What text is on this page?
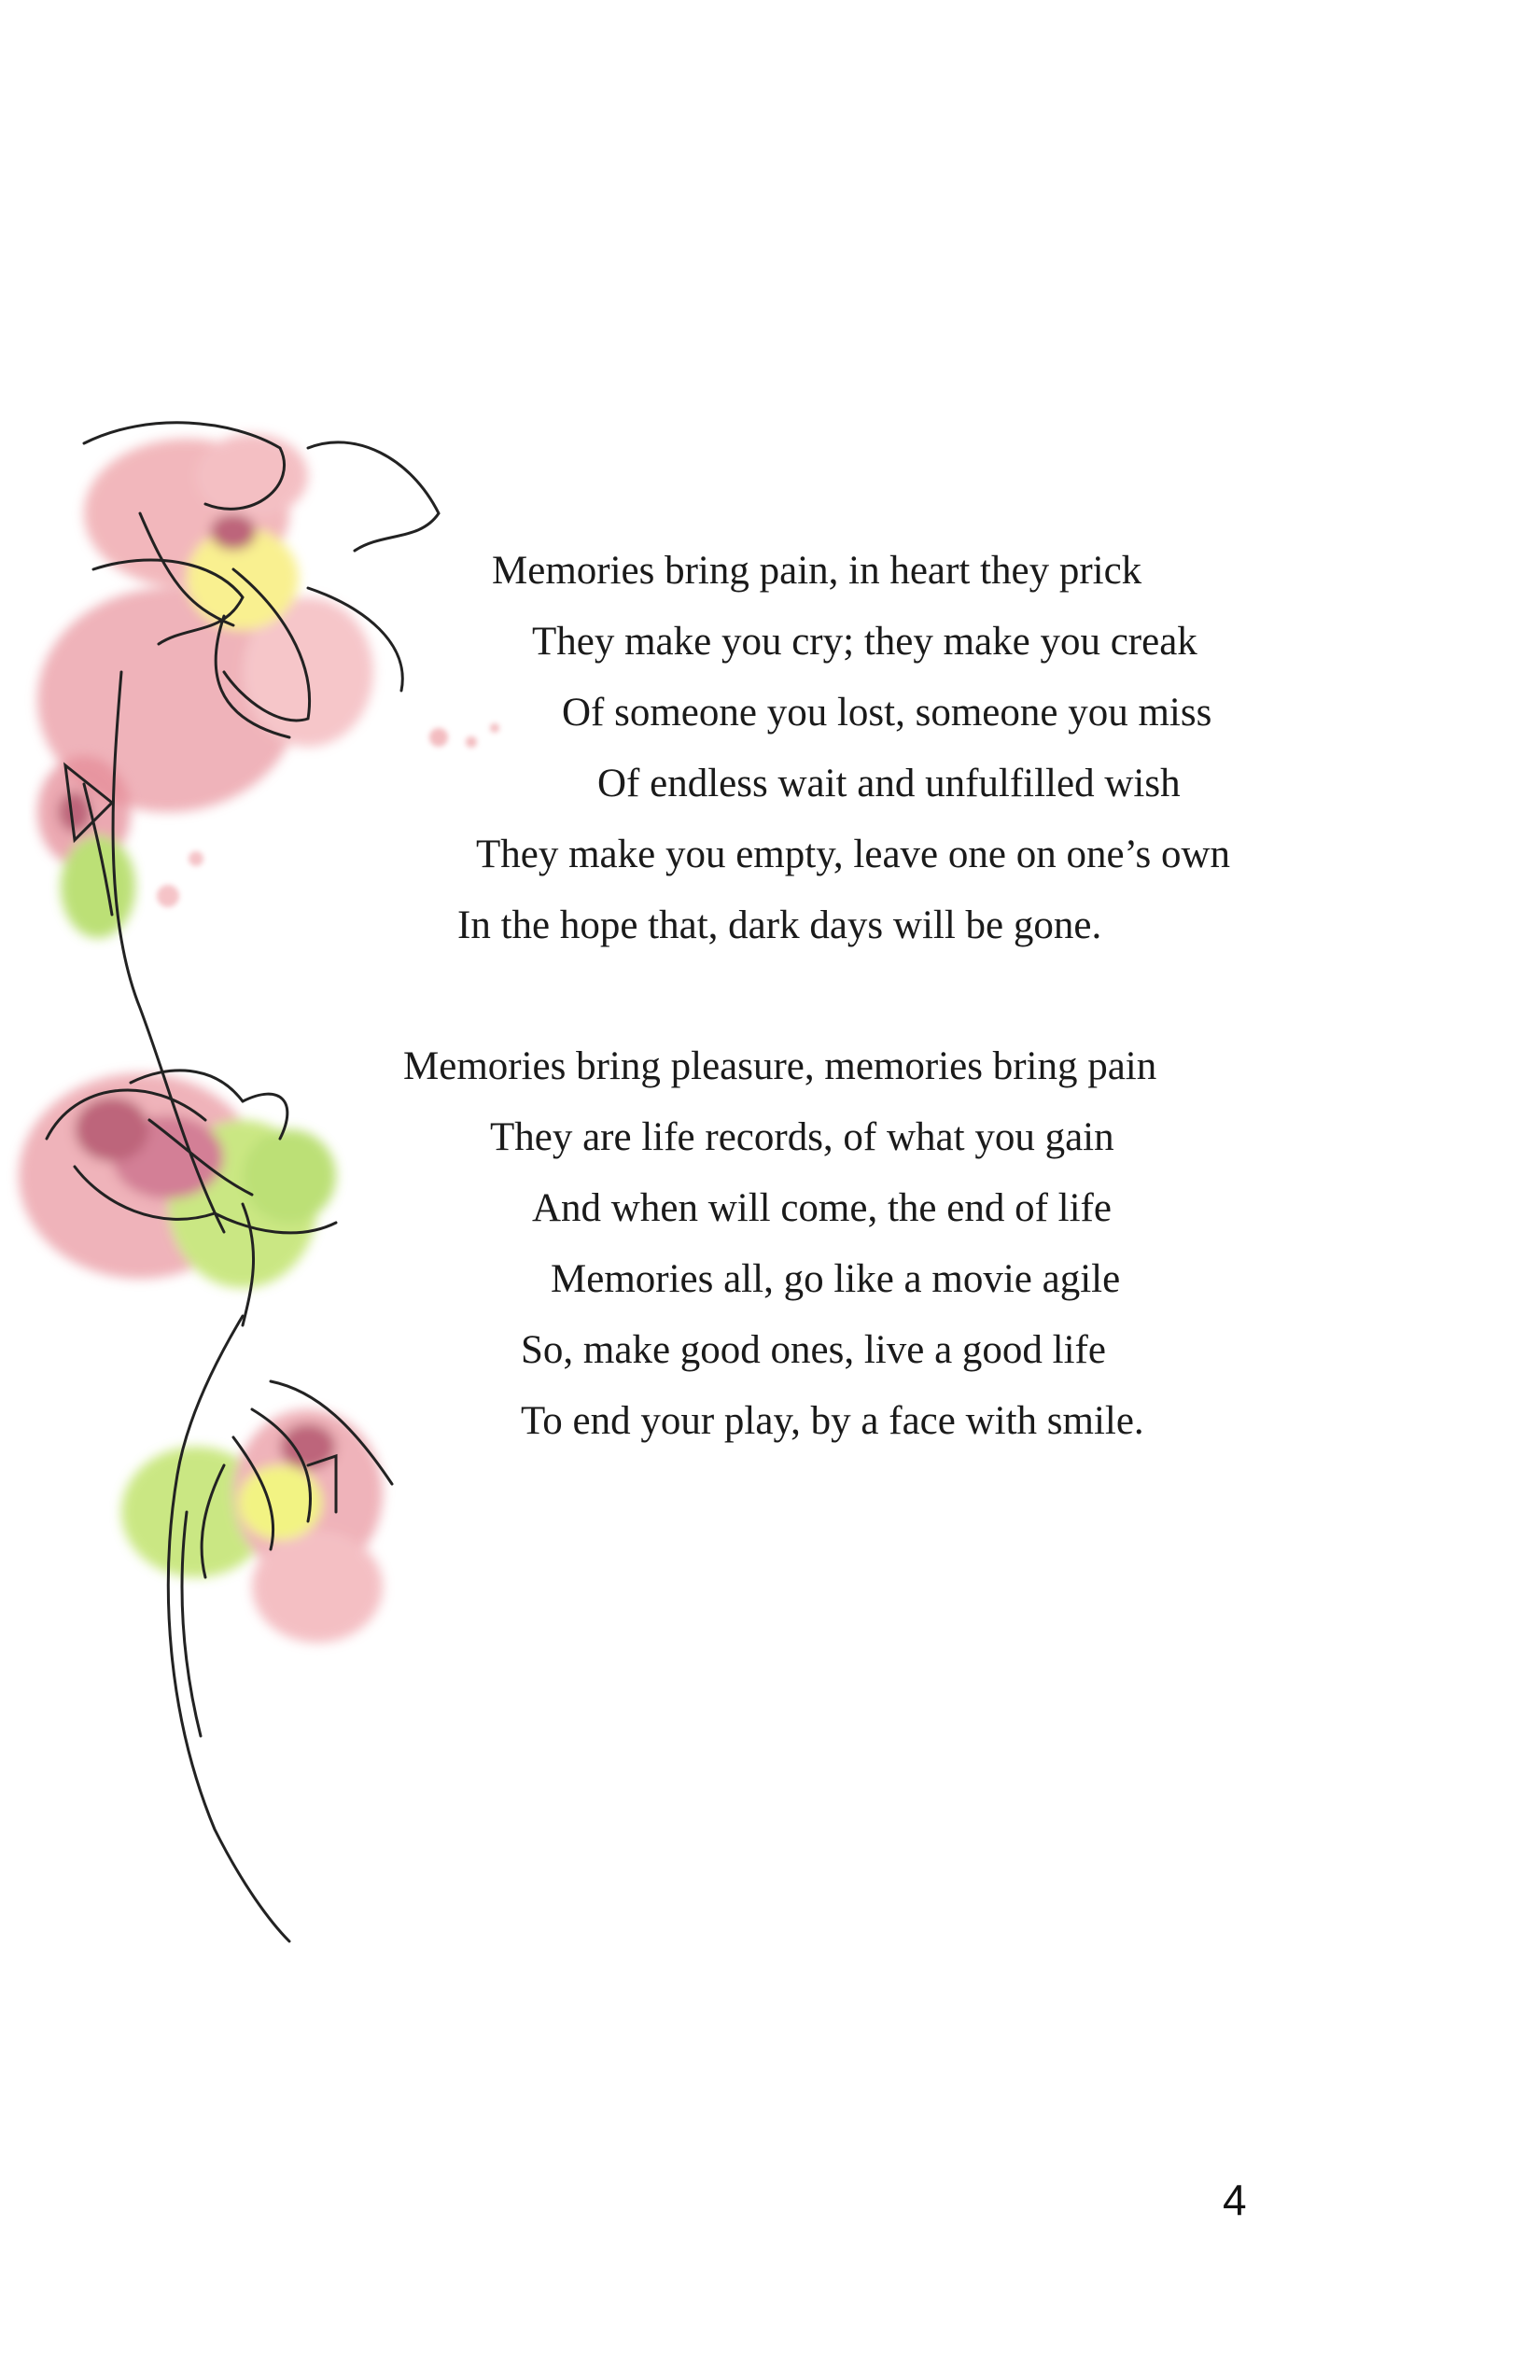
Memories bring pain, in heart they prick
They make you cry; they make you creak
Of someone you lost, someone you miss
Of endless wait and unfulfilled wish
They make you empty, leave one on one’s own
In the hope that, dark days will be gone.
Memories bring pleasure, memories bring pain
They are life records, of what you gain
And when will come, the end of life
Memories all, go like a movie agile
So, make good ones, live a good life
To end your play, by a face with smile.
4
